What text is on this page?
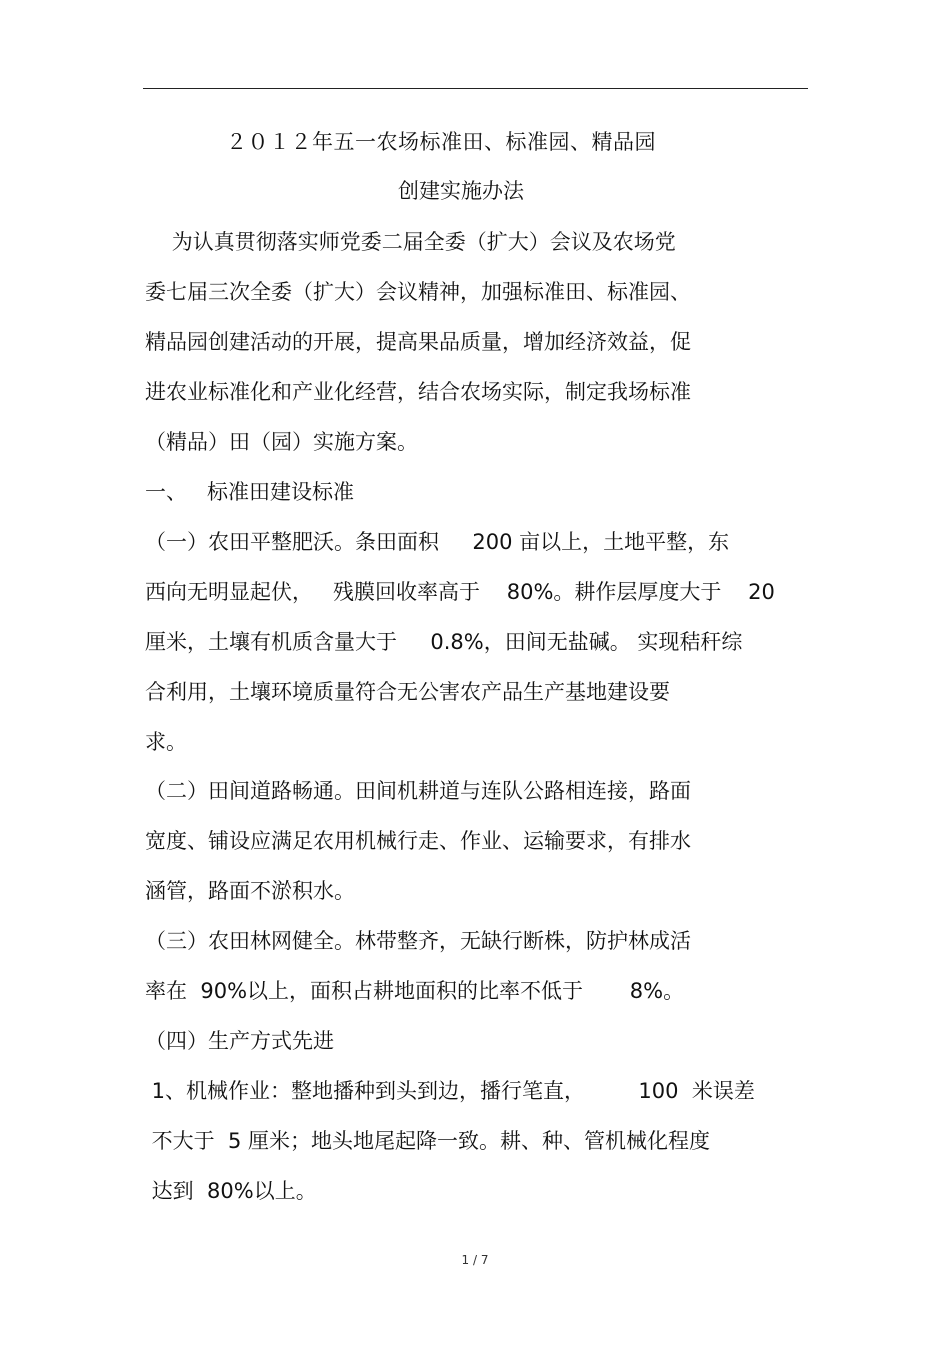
２０１２年五一农场标准田、标准园、精品园
创建实施办法
为认真贯彻落实师党委二届全委（扩大）会议及农场党
委七届三次全委（扩大）会议精神，加强标准田、标准园、
精品园创建活动的开展，提高果品质量，增加经济效益，促
进农业标准化和产业化经营，结合农场实际，制定我场标准
（精品）田（园）实施方案。
一、   标准田建设标准
（一）农田平整肥沃。条田面积     200 亩以上，土地平整，东
西向无明显起伏，   残膜回收率高于    80%。耕作层厚度大于    20
厘米，土壤有机质含量大于     0.8%，田间无盐碱。 实现秸秆综
合利用，土壤环境质量符合无公害农产品生产基地建设要
求。
（二）田间道路畅通。田间机耕道与连队公路相连接，路面
宽度、铺设应满足农用机械行走、作业、运输要求，有排水
涵管，路面不淤积水。
（三）农田林网健全。林带整齐，无缺行断株，防护林成活
率在  90%以上，面积占耕地面积的比率不低于       8%。
（四）生产方式先进
1、机械作业：整地播种到头到边，播行笔直，        100  米误差
不大于  5 厘米；地头地尾起降一致。耕、种、管机械化程度
达到  80%以上。
1 / 7
